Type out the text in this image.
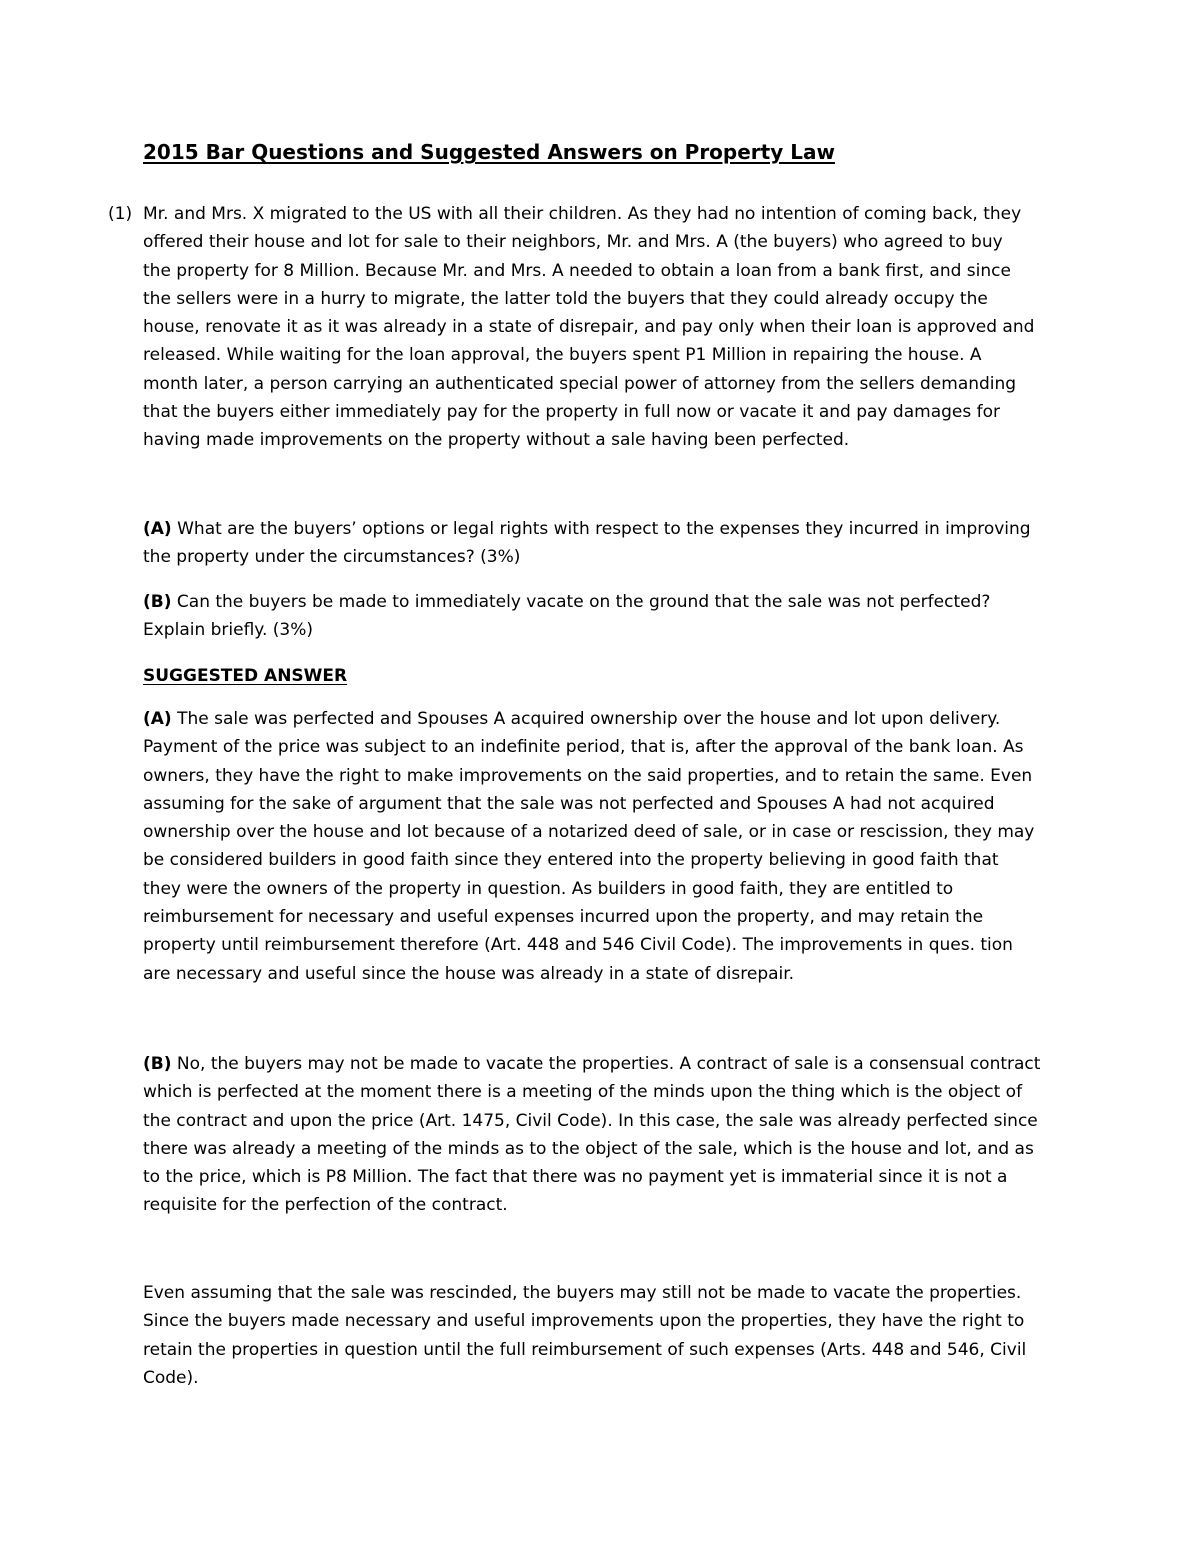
2015 Bar Questions and Suggested Answers on Property Law
(1) Mr. and Mrs. X migrated to the US with all their children. As they had no intention of coming back, they
offered their house and lot for sale to their neighbors, Mr. and Mrs. A (the buyers) who agreed to buy
the property for 8 Million. Because Mr. and Mrs. A needed to obtain a loan from a bank first, and since
the sellers were in a hurry to migrate, the latter told the buyers that they could already occupy the
house, renovate it as it was already in a state of disrepair, and pay only when their loan is approved and
released. While waiting for the loan approval, the buyers spent P1 Million in repairing the house. A
month later, a person carrying an authenticated special power of attorney from the sellers demanding
that the buyers either immediately pay for the property in full now or vacate it and pay damages for
having made improvements on the property without a sale having been perfected.
(A) What are the buyers’ options or legal rights with respect to the expenses they incurred in improving
the property under the circumstances? (3%)
(B) Can the buyers be made to immediately vacate on the ground that the sale was not perfected?
Explain briefly. (3%)
SUGGESTED ANSWER
(A) The sale was perfected and Spouses A acquired ownership over the house and lot upon delivery.
Payment of the price was subject to an indefinite period, that is, after the approval of the bank loan. As
owners, they have the right to make improvements on the said properties, and to retain the same. Even
assuming for the sake of argument that the sale was not perfected and Spouses A had not acquired
ownership over the house and lot because of a notarized deed of sale, or in case or rescission, they may
be considered builders in good faith since they entered into the property believing in good faith that
they were the owners of the property in question. As builders in good faith, they are entitled to
reimbursement for necessary and useful expenses incurred upon the property, and may retain the
property until reimbursement therefore (Art. 448 and 546 Civil Code). The improvements in ques. tion
are necessary and useful since the house was already in a state of disrepair.
(B) No, the buyers may not be made to vacate the properties. A contract of sale is a consensual contract
which is perfected at the moment there is a meeting of the minds upon the thing which is the object of
the contract and upon the price (Art. 1475, Civil Code). In this case, the sale was already perfected since
there was already a meeting of the minds as to the object of the sale, which is the house and lot, and as
to the price, which is P8 Million. The fact that there was no payment yet is immaterial since it is not a
requisite for the perfection of the contract.
Even assuming that the sale was rescinded, the buyers may still not be made to vacate the properties.
Since the buyers made necessary and useful improvements upon the properties, they have the right to
retain the properties in question until the full reimbursement of such expenses (Arts. 448 and 546, Civil
Code).
